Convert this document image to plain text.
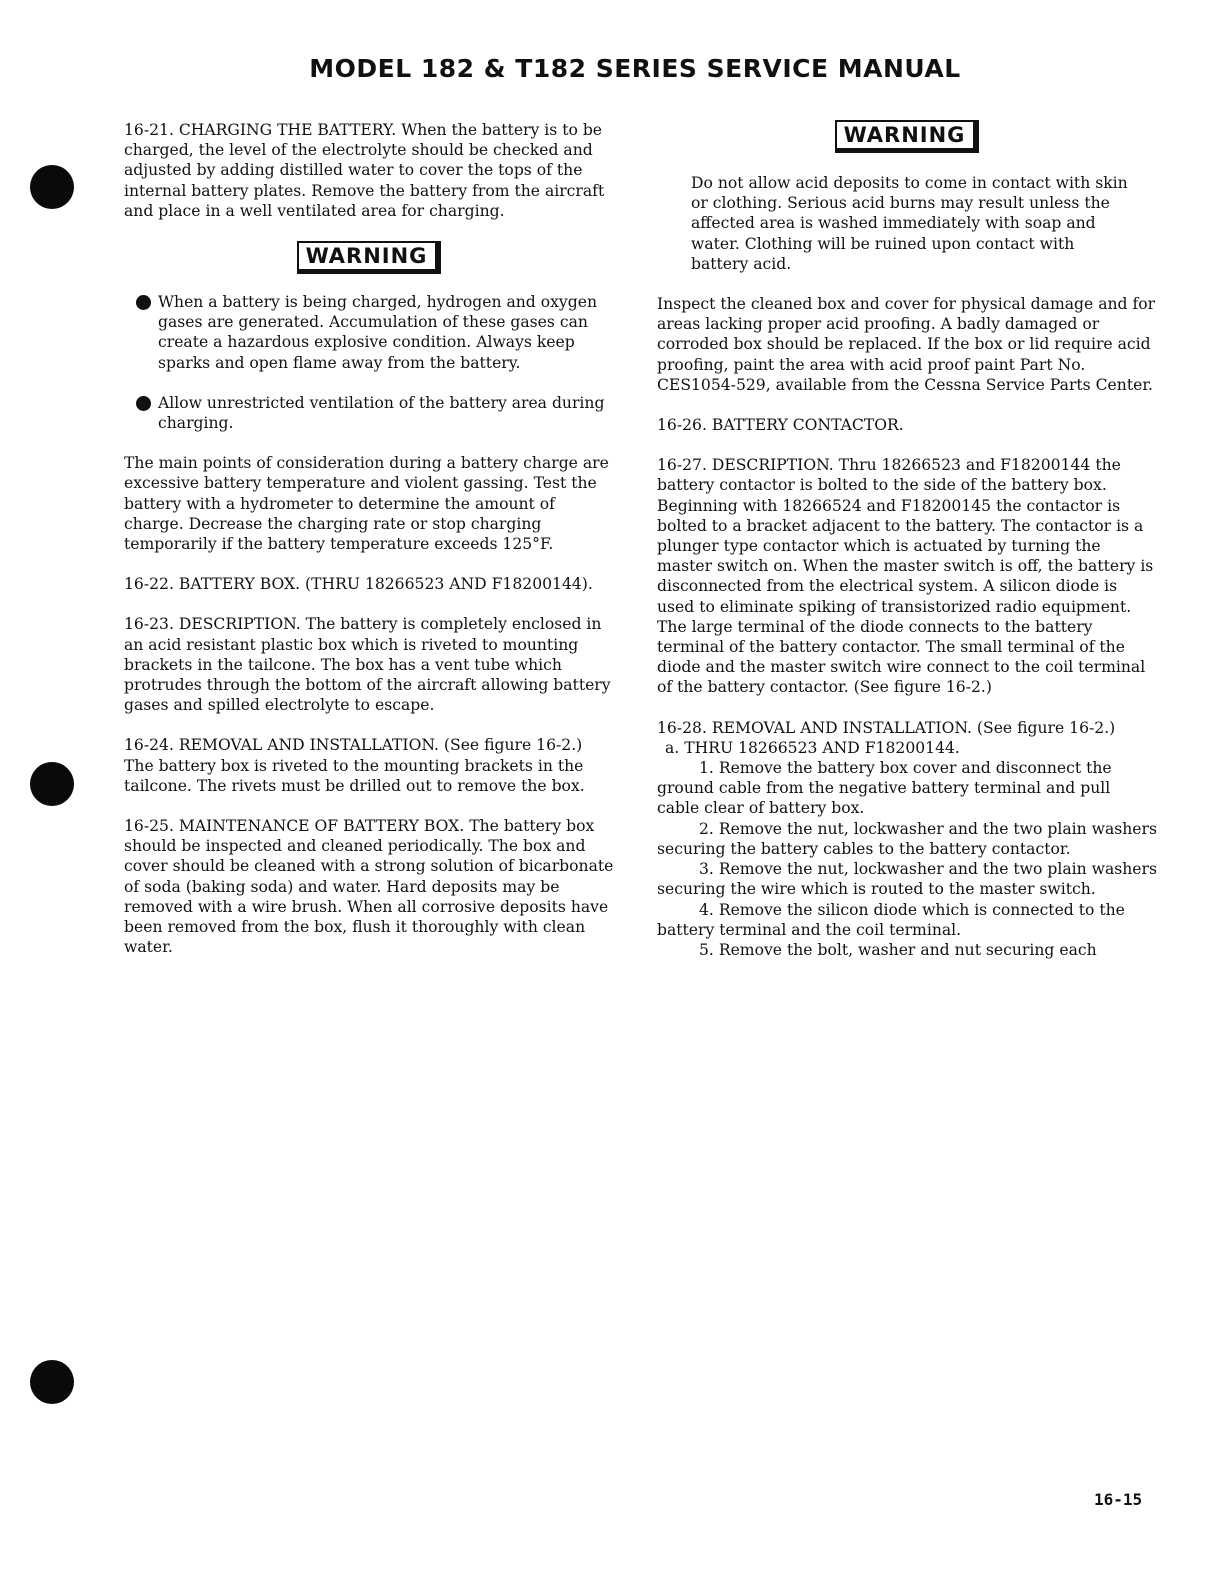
MODEL 182 & T182 SERIES SERVICE MANUAL

16-21. CHARGING THE BATTERY. When the battery is to be charged, the level of the electrolyte should be checked and adjusted by adding distilled water to cover the tops of the internal battery plates. Remove the battery from the aircraft and place in a well ventilated area for charging.

WARNING
When a battery is being charged, hydrogen and oxygen gases are generated. Accumulation of these gases can create a hazardous explosive condition. Always keep sparks and open flame away from the battery.
Allow unrestricted ventilation of the battery area during charging.

The main points of consideration during a battery charge are excessive battery temperature and violent gassing. Test the battery with a hydrometer to determine the amount of charge. Decrease the charging rate or stop charging temporarily if the battery temperature exceeds 125°F.

16-22. BATTERY BOX. (THRU 18266523 AND F18200144).

16-23. DESCRIPTION. The battery is completely enclosed in an acid resistant plastic box which is riveted to mounting brackets in the tailcone. The box has a vent tube which protrudes through the bottom of the aircraft allowing battery gases and spilled electrolyte to escape.

16-24. REMOVAL AND INSTALLATION. (See figure 16-2.) The battery box is riveted to the mounting brackets in the tailcone. The rivets must be drilled out to remove the box.

16-25. MAINTENANCE OF BATTERY BOX. The battery box should be inspected and cleaned periodically. The box and cover should be cleaned with a strong solution of bicarbonate of soda (baking soda) and water. Hard deposits may be removed with a wire brush. When all corrosive deposits have been removed from the box, flush it thoroughly with clean water.

WARNING

Do not allow acid deposits to come in contact with skin or clothing. Serious acid burns may result unless the affected area is washed immediately with soap and water. Clothing will be ruined upon contact with battery acid.

Inspect the cleaned box and cover for physical damage and for areas lacking proper acid proofing. A badly damaged or corroded box should be replaced. If the box or lid require acid proofing, paint the area with acid proof paint Part No. CES1054-529, available from the Cessna Service Parts Center.

16-26. BATTERY CONTACTOR.

16-27. DESCRIPTION. Thru 18266523 and F18200144 the battery contactor is bolted to the side of the battery box. Beginning with 18266524 and F18200145 the contactor is bolted to a bracket adjacent to the battery. The contactor is a plunger type contactor which is actuated by turning the master switch on. When the master switch is off, the battery is disconnected from the electrical system. A silicon diode is used to eliminate spiking of transistorized radio equipment. The large terminal of the diode connects to the battery terminal of the battery contactor. The small terminal of the diode and the master switch wire connect to the coil terminal of the battery contactor. (See figure 16-2.)

16-28. REMOVAL AND INSTALLATION. (See figure 16-2.)

a. THRU 18266523 AND F18200144.

1. Remove the battery box cover and disconnect the ground cable from the negative battery terminal and pull cable clear of battery box.

2. Remove the nut, lockwasher and the two plain washers securing the battery cables to the battery contactor.

3. Remove the nut, lockwasher and the two plain washers securing the wire which is routed to the master switch.

4. Remove the silicon diode which is connected to the battery terminal and the coil terminal.

5. Remove the bolt, washer and nut securing each

16-15
